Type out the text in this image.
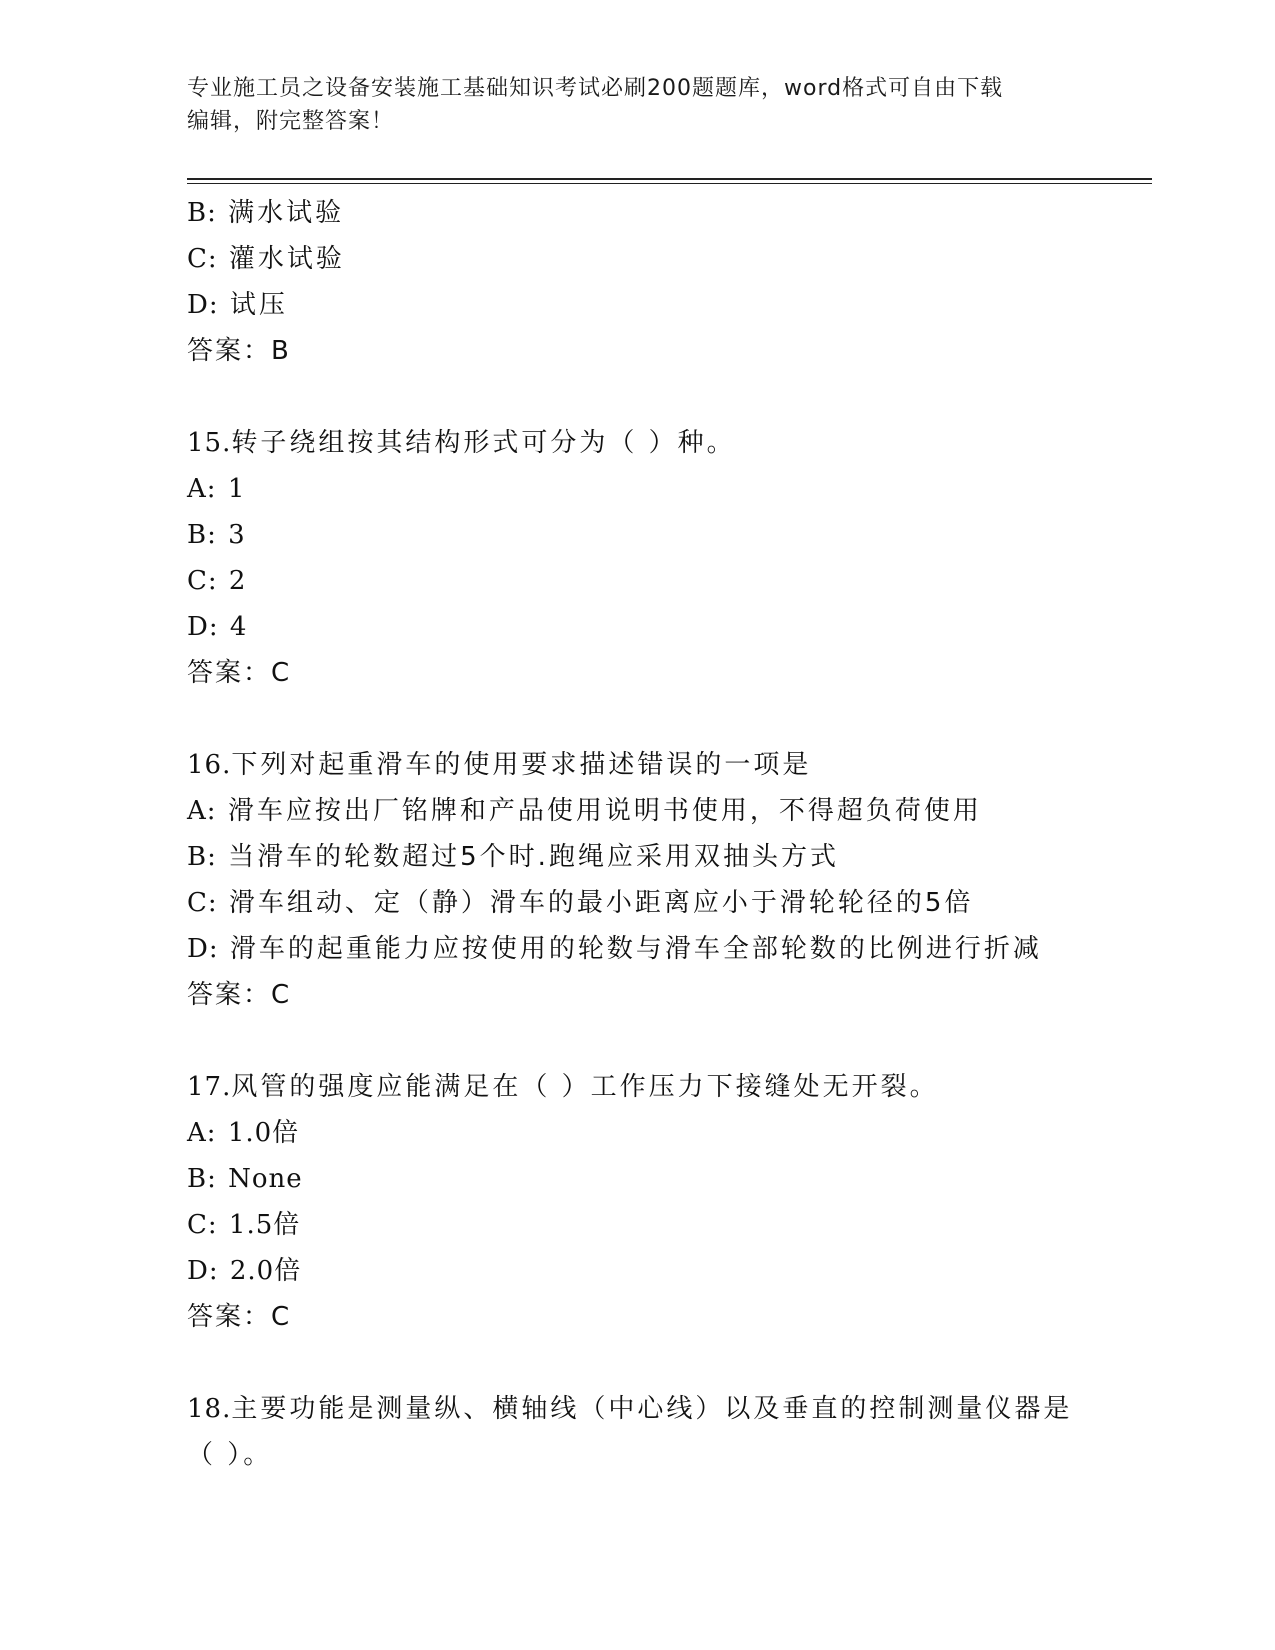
专业施工员之设备安装施工基础知识考试必刷200题题库，word格式可自由下载
编辑，附完整答案！
B: 满水试验
C: 灌水试验
D: 试压
答案：B
15.转子绕组按其结构形式可分为（ ）种。
A: 1
B: 3
C: 2
D: 4
答案：C
16.下列对起重滑车的使用要求描述错误的一项是
A: 滑车应按出厂铭牌和产品使用说明书使用，不得超负荷使用
B: 当滑车的轮数超过5个时.跑绳应采用双抽头方式
C: 滑车组动、定（静）滑车的最小距离应小于滑轮轮径的5倍
D: 滑车的起重能力应按使用的轮数与滑车全部轮数的比例进行折减
答案：C
17.风管的强度应能满足在（ ）工作压力下接缝处无开裂。
A: 1.0倍
B: None
C: 1.5倍
D: 2.0倍
答案：C
18.主要功能是测量纵、横轴线（中心线）以及垂直的控制测量仪器是
（ ）。
